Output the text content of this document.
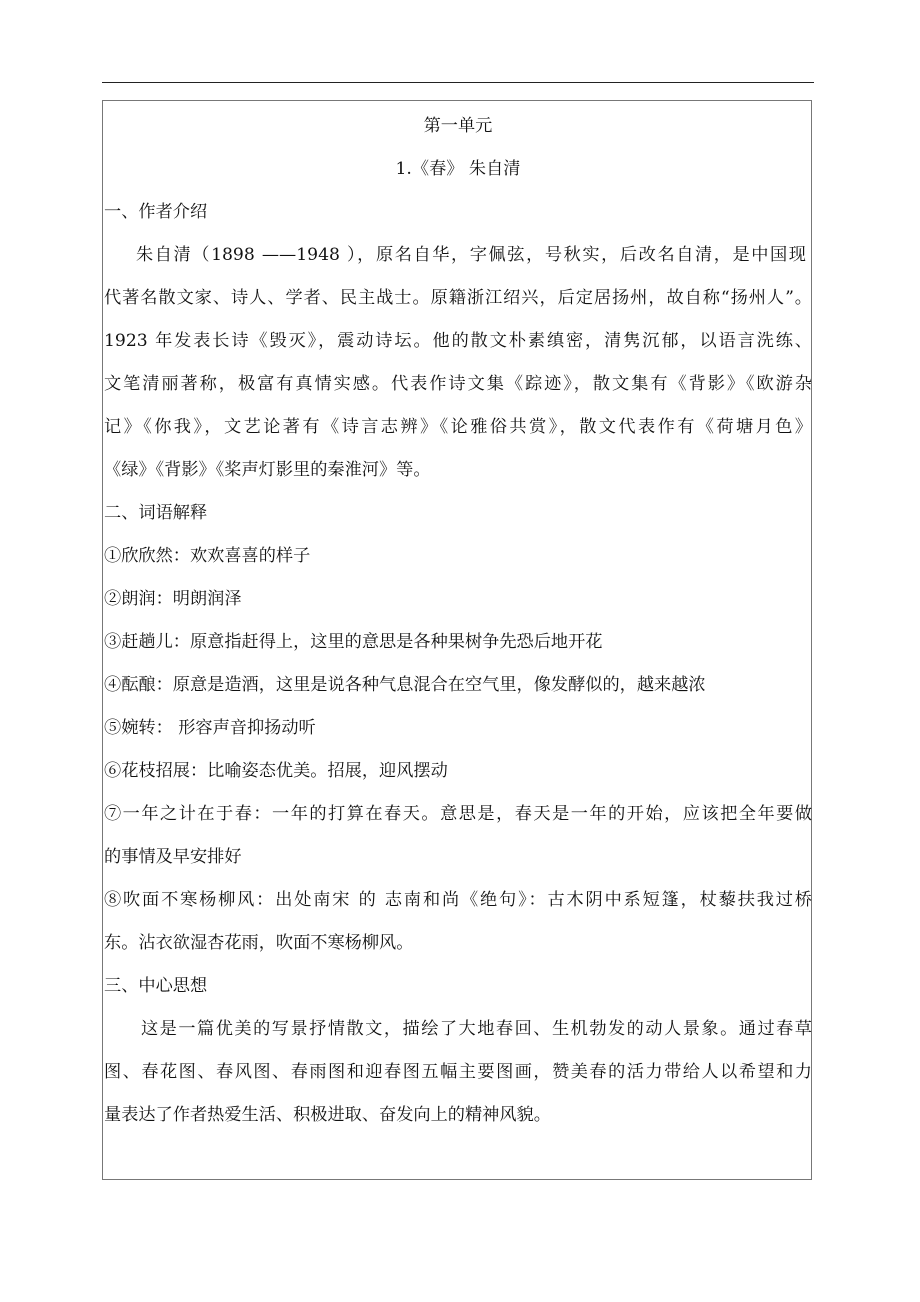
第一单元
1.《春》 朱自清
一、作者介绍
朱自清（1898 ——1948 ），原名自华，字佩弦，号秋实，后改名自清，是中国现
代著名散文家、诗人、学者、民主战士。原籍浙江绍兴，后定居扬州，故自称“扬州人”。
1923 年发表长诗《毁灭》，震动诗坛。他的散文朴素缜密，清隽沉郁，以语言洗练、
文笔清丽著称，极富有真情实感。代表作诗文集《踪迹》，散文集有《背影》《欧游杂
记》《你我》，文艺论著有《诗言志辨》《论雅俗共赏》，散文代表作有《荷塘月色》
《绿》《背影》《桨声灯影里的秦淮河》等。
二、词语解释
①欣欣然：欢欢喜喜的样子
②朗润：明朗润泽
③赶趟儿：原意指赶得上，这里的意思是各种果树争先恐后地开花
④酝酿：原意是造酒，这里是说各种气息混合在空气里，像发酵似的，越来越浓
⑤婉转： 形容声音抑扬动听
⑥花枝招展：比喻姿态优美。招展，迎风摆动
⑦一年之计在于春：一年的打算在春天。意思是，春天是一年的开始，应该把全年要做
的事情及早安排好
⑧吹面不寒杨柳风：出处南宋 的 志南和尚《绝句》：古木阴中系短篷，杖藜扶我过桥
东。沾衣欲湿杏花雨，吹面不寒杨柳风。
三、中心思想
这是一篇优美的写景抒情散文，描绘了大地春回、生机勃发的动人景象。通过春草
图、春花图、春风图、春雨图和迎春图五幅主要图画，赞美春的活力带给人以希望和力
量表达了作者热爱生活、积极进取、奋发向上的精神风貌。
